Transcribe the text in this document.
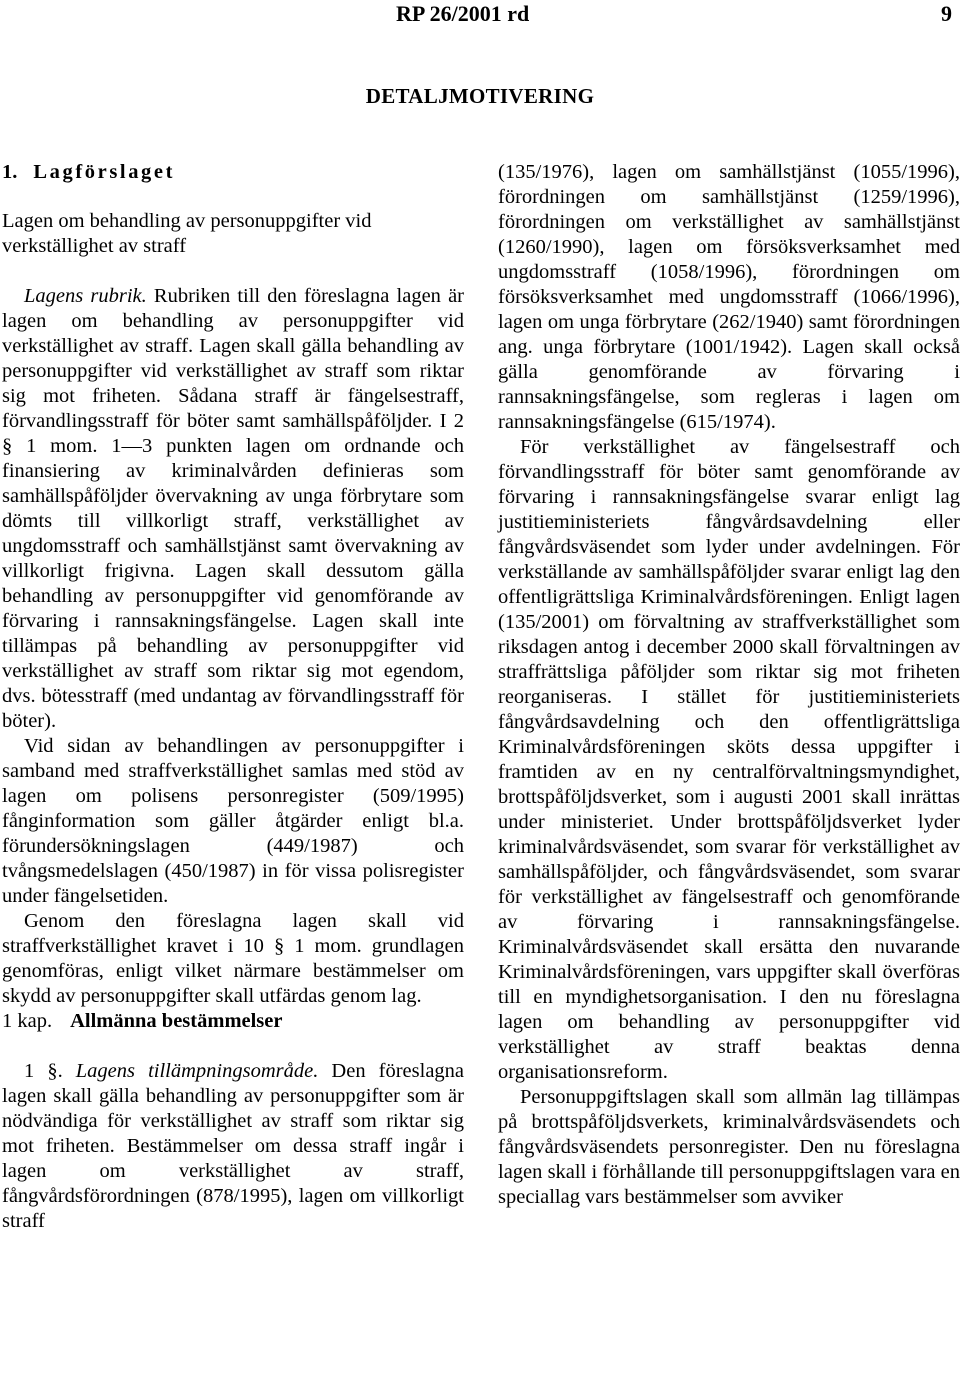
RP 26/2001 rd	9
DETALJMOTIVERING

1. Lagförslaget

Lagen om behandling av personuppgifter vid verkställighet av straff

Lagens rubrik. Rubriken till den föreslagna lagen är lagen om behandling av personuppgifter vid verkställighet av straff. Lagen skall gälla behandling av personuppgifter vid verkställighet av straff som riktar sig mot friheten. Sådana straff är fängelsestraff, förvandlingsstraff för böter samt samhällspåföljder. I 2 § 1 mom. 1—3 punkten lagen om ordnande och finansiering av kriminalvården definieras som samhällspåföljder övervakning av unga förbrytare som dömts till villkorligt straff, verkställighet av ungdomsstraff och samhällstjänst samt övervakning av villkorligt frigivna. Lagen skall dessutom gälla behandling av personuppgifter vid genomförande av förvaring i rannsakningsfängelse. Lagen skall inte tillämpas på behandling av personuppgifter vid verkställighet av straff som riktar sig mot egendom, dvs. bötesstraff (med undantag av förvandlingsstraff för böter).

Vid sidan av behandlingen av personuppgifter i samband med straffverkställighet samlas med stöd av lagen om polisens personregister (509/1995) fånginformation som gäller åtgärder enligt bl.a. förundersökningslagen (449/1987) och tvångsmedelslagen (450/1987) in för vissa polisregister under fängelsetiden.

Genom den föreslagna lagen skall vid straffverkställighet kravet i 10 § 1 mom. grundlagen genomföras, enligt vilket närmare bestämmelser om skydd av personuppgifter skall utfärdas genom lag.

1 kap. Allmänna bestämmelser

1 §. Lagens tillämpningsområde. Den föreslagna lagen skall gälla behandling av personuppgifter som är nödvändiga för verkställighet av straff som riktar sig mot friheten. Bestämmelser om dessa straff ingår i lagen om verkställighet av straff, fångvårdsförordningen (878/1995), lagen om villkorligt straff

(135/1976), lagen om samhällstjänst (1055/1996), förordningen om samhällstjänst (1259/1996), förordningen om verkställighet av samhällstjänst (1260/1990), lagen om försöksverksamhet med ungdomsstraff (1058/1996), förordningen om försöksverksamhet med ungdomsstraff (1066/1996), lagen om unga förbrytare (262/1940) samt förordningen ang. unga förbrytare (1001/1942). Lagen skall också gälla genomförande av förvaring i rannsakningsfängelse, som regleras i lagen om rannsakningsfängelse (615/1974).

För verkställighet av fängelsestraff och förvandlingsstraff för böter samt genomförande av förvaring i rannsakningsfängelse svarar enligt lag justitieministeriets fångvårdsavdelning eller fångvårdsväsendet som lyder under avdelningen. För verkställande av samhällspåföljder svarar enligt lag den offentligrättsliga Kriminalvårdsföreningen. Enligt lagen (135/2001) om förvaltning av straffverkställighet som riksdagen antog i december 2000 skall förvaltningen av straffrättsliga påföljder som riktar sig mot friheten reorganiseras. I stället för justitieministeriets fångvårdsavdelning och den offentligrättsliga Kriminalvårdsföreningen sköts dessa uppgifter i framtiden av en ny centralförvaltningsmyndighet, brottspåföljdsverket, som i augusti 2001 skall inrättas under ministeriet. Under brottspåföljdsverket lyder kriminalvårdsväsendet, som svarar för verkställighet av samhällspåföljder, och fångvårdsväsendet, som svarar för verkställighet av fängelsestraff och genomförande av förvaring i rannsakningsfängelse. Kriminalvårdsväsendet skall ersätta den nuvarande Kriminalvårdsföreningen, vars uppgifter skall överföras till en myndighetsorganisation. I den nu föreslagna lagen om behandling av personuppgifter vid verkställighet av straff beaktas denna organisationsreform.

Personuppgiftslagen skall som allmän lag tillämpas på brottspåföljdsverkets, kriminalvårdsväsendets och fångvårdsväsendets personregister. Den nu föreslagna lagen skall i förhållande till personuppgiftslagen vara en speciallag vars bestämmelser som avviker
